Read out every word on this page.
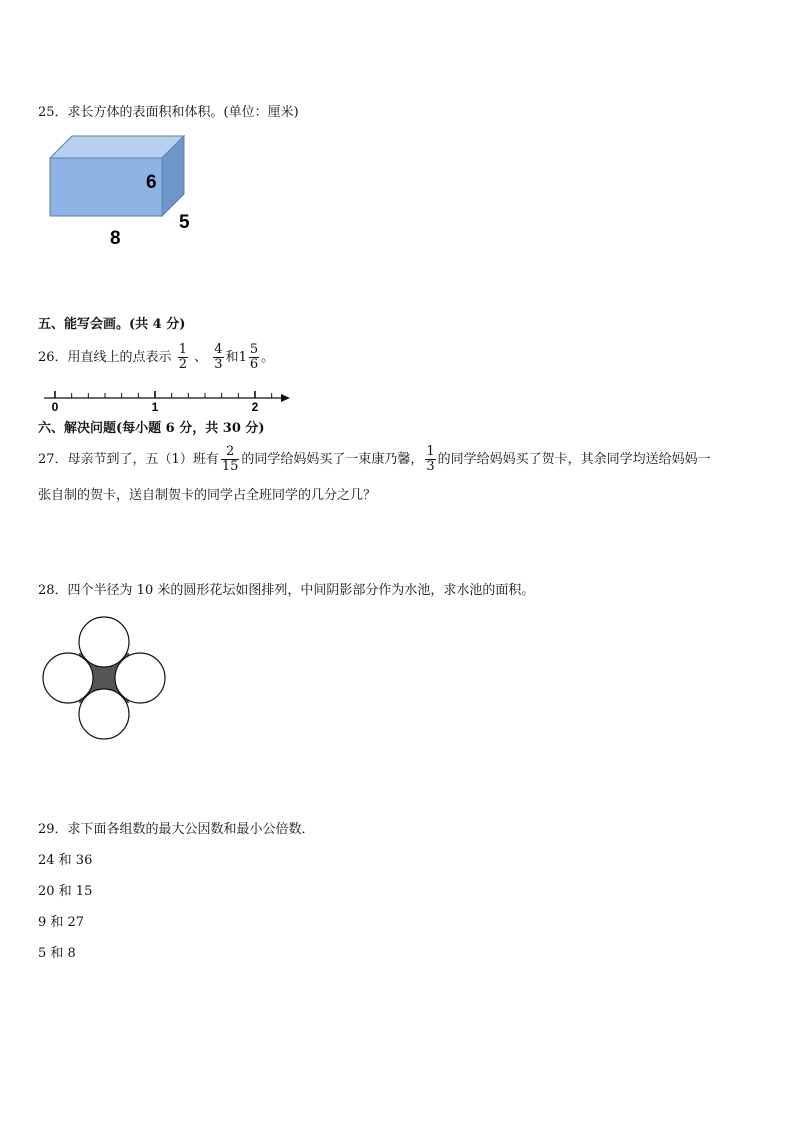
25．求长方体的表面积和体积。(单位：厘米)
6
5
8
五、能写会画。(共 4 分)
26．用直线上的点表示 $\frac{1}{2}$ 、 $\frac{4}{3}$ 和$1 \frac{5}{6}$ 。
0	1	2
六、解决问题(每小题 6 分，共 30 分)
27．母亲节到了，五（1）班有 $\frac{2}{15}$ 的同学给妈妈买了一束康乃馨， $\frac{1}{3}$ 的同学给妈妈买了贺卡，其余同学均送给妈妈一
张自制的贺卡，送自制贺卡的同学占全班同学的几分之几？
28．四个半径为 10 米的圆形花坛如图排列，中间阴影部分作为水池，求水池的面积。
29．求下面各组数的最大公因数和最小公倍数．
24 和 36
20 和 15
9 和 27
5 和 8
